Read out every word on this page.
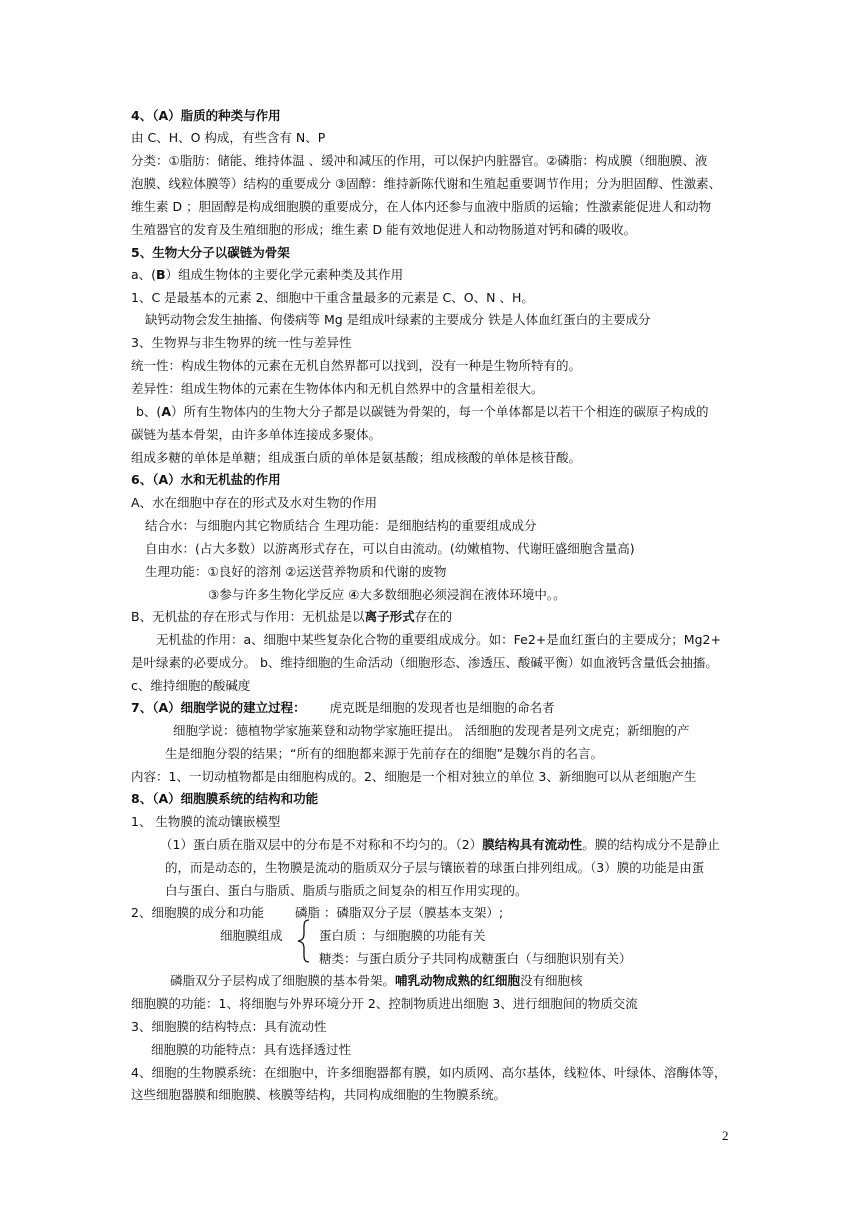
4、（A）脂质的种类与作用
由 C、H、O 构成，有些含有 N、P
分类：①脂肪：储能、维持体温 、缓冲和减压的作用，可以保护内脏器官。②磷脂：构成膜（细胞膜、液
泡膜、线粒体膜等）结构的重要成分 ③固醇：维持新陈代谢和生殖起重要调节作用；分为胆固醇、性激素、
维生素 D ；胆固醇是构成细胞膜的重要成分，在人体内还参与血液中脂质的运输；性激素能促进人和动物
生殖器官的发育及生殖细胞的形成；维生素 D 能有效地促进人和动物肠道对钙和磷的吸收。
5、生物大分子以碳链为骨架
a、(B）组成生物体的主要化学元素种类及其作用
1、C 是最基本的元素 2、细胞中干重含量最多的元素是 C、O、N 、H。
缺钙动物会发生抽搐、佝偻病等 Mg 是组成叶绿素的主要成分 铁是人体血红蛋白的主要成分
3、生物界与非生物界的统一性与差异性
统一性：构成生物体的元素在无机自然界都可以找到，没有一种是生物所特有的。
差异性：组成生物体的元素在生物体体内和无机自然界中的含量相差很大。
b、(A）所有生物体内的生物大分子都是以碳链为骨架的，每一个单体都是以若干个相连的碳原子构成的
碳链为基本骨架，由许多单体连接成多聚体。
组成多糖的单体是单糖；组成蛋白质的单体是氨基酸；组成核酸的单体是核苷酸。
6、（A）水和无机盐的作用
A、水在细胞中存在的形式及水对生物的作用
结合水：与细胞内其它物质结合 生理功能：是细胞结构的重要组成成分
自由水：(占大多数）以游离形式存在，可以自由流动。(幼嫩植物、代谢旺盛细胞含量高)
生理功能：①良好的溶剂 ②运送营养物质和代谢的废物
③参与许多生物化学反应 ④大多数细胞必须浸润在液体环境中。。
B、无机盐的存在形式与作用：无机盐是以离子形式存在的
无机盐的作用：a、细胞中某些复杂化合物的重要组成成分。如：Fe2+是血红蛋白的主要成分；Mg2+
是叶绿素的必要成分。 b、维持细胞的生命活动（细胞形态、渗透压、酸碱平衡）如血液钙含量低会抽搐。
c、维持细胞的酸碱度
7、（A）细胞学说的建立过程： 虎克既是细胞的发现者也是细胞的命名者
细胞学说：德植物学家施莱登和动物学家施旺提出。 活细胞的发现者是列文虎克；新细胞的产
生是细胞分裂的结果；“所有的细胞都来源于先前存在的细胞”是魏尔肖的名言。
内容：1、一切动植物都是由细胞构成的。2、细胞是一个相对独立的单位 3、新细胞可以从老细胞产生
8、（A）细胞膜系统的结构和功能
1、 生物膜的流动镶嵌模型
（1）蛋白质在脂双层中的分布是不对称和不均匀的。（2）膜结构具有流动性。膜的结构成分不是静止
的，而是动态的，生物膜是流动的脂质双分子层与镶嵌着的球蛋白排列组成。（3）膜的功能是由蛋
白与蛋白、蛋白与脂质、脂质与脂质之间复杂的相互作用实现的。
2、细胞膜的成分和功能 磷脂 ：磷脂双分子层（膜基本支架）;
细胞膜组成	蛋白质 ：与细胞膜的功能有关
糖类：与蛋白质分子共同构成糖蛋白（与细胞识别有关）
磷脂双分子层构成了细胞膜的基本骨架。哺乳动物成熟的红细胞没有细胞核
细胞膜的功能：1、将细胞与外界环境分开 2、控制物质进出细胞 3、进行细胞间的物质交流
3、细胞膜的结构特点：具有流动性
细胞膜的功能特点：具有选择透过性
4、细胞的生物膜系统：在细胞中，许多细胞器都有膜，如内质网、高尔基体，线粒体、叶绿体、溶酶体等，
这些细胞器膜和细胞膜、核膜等结构，共同构成细胞的生物膜系统。
2
